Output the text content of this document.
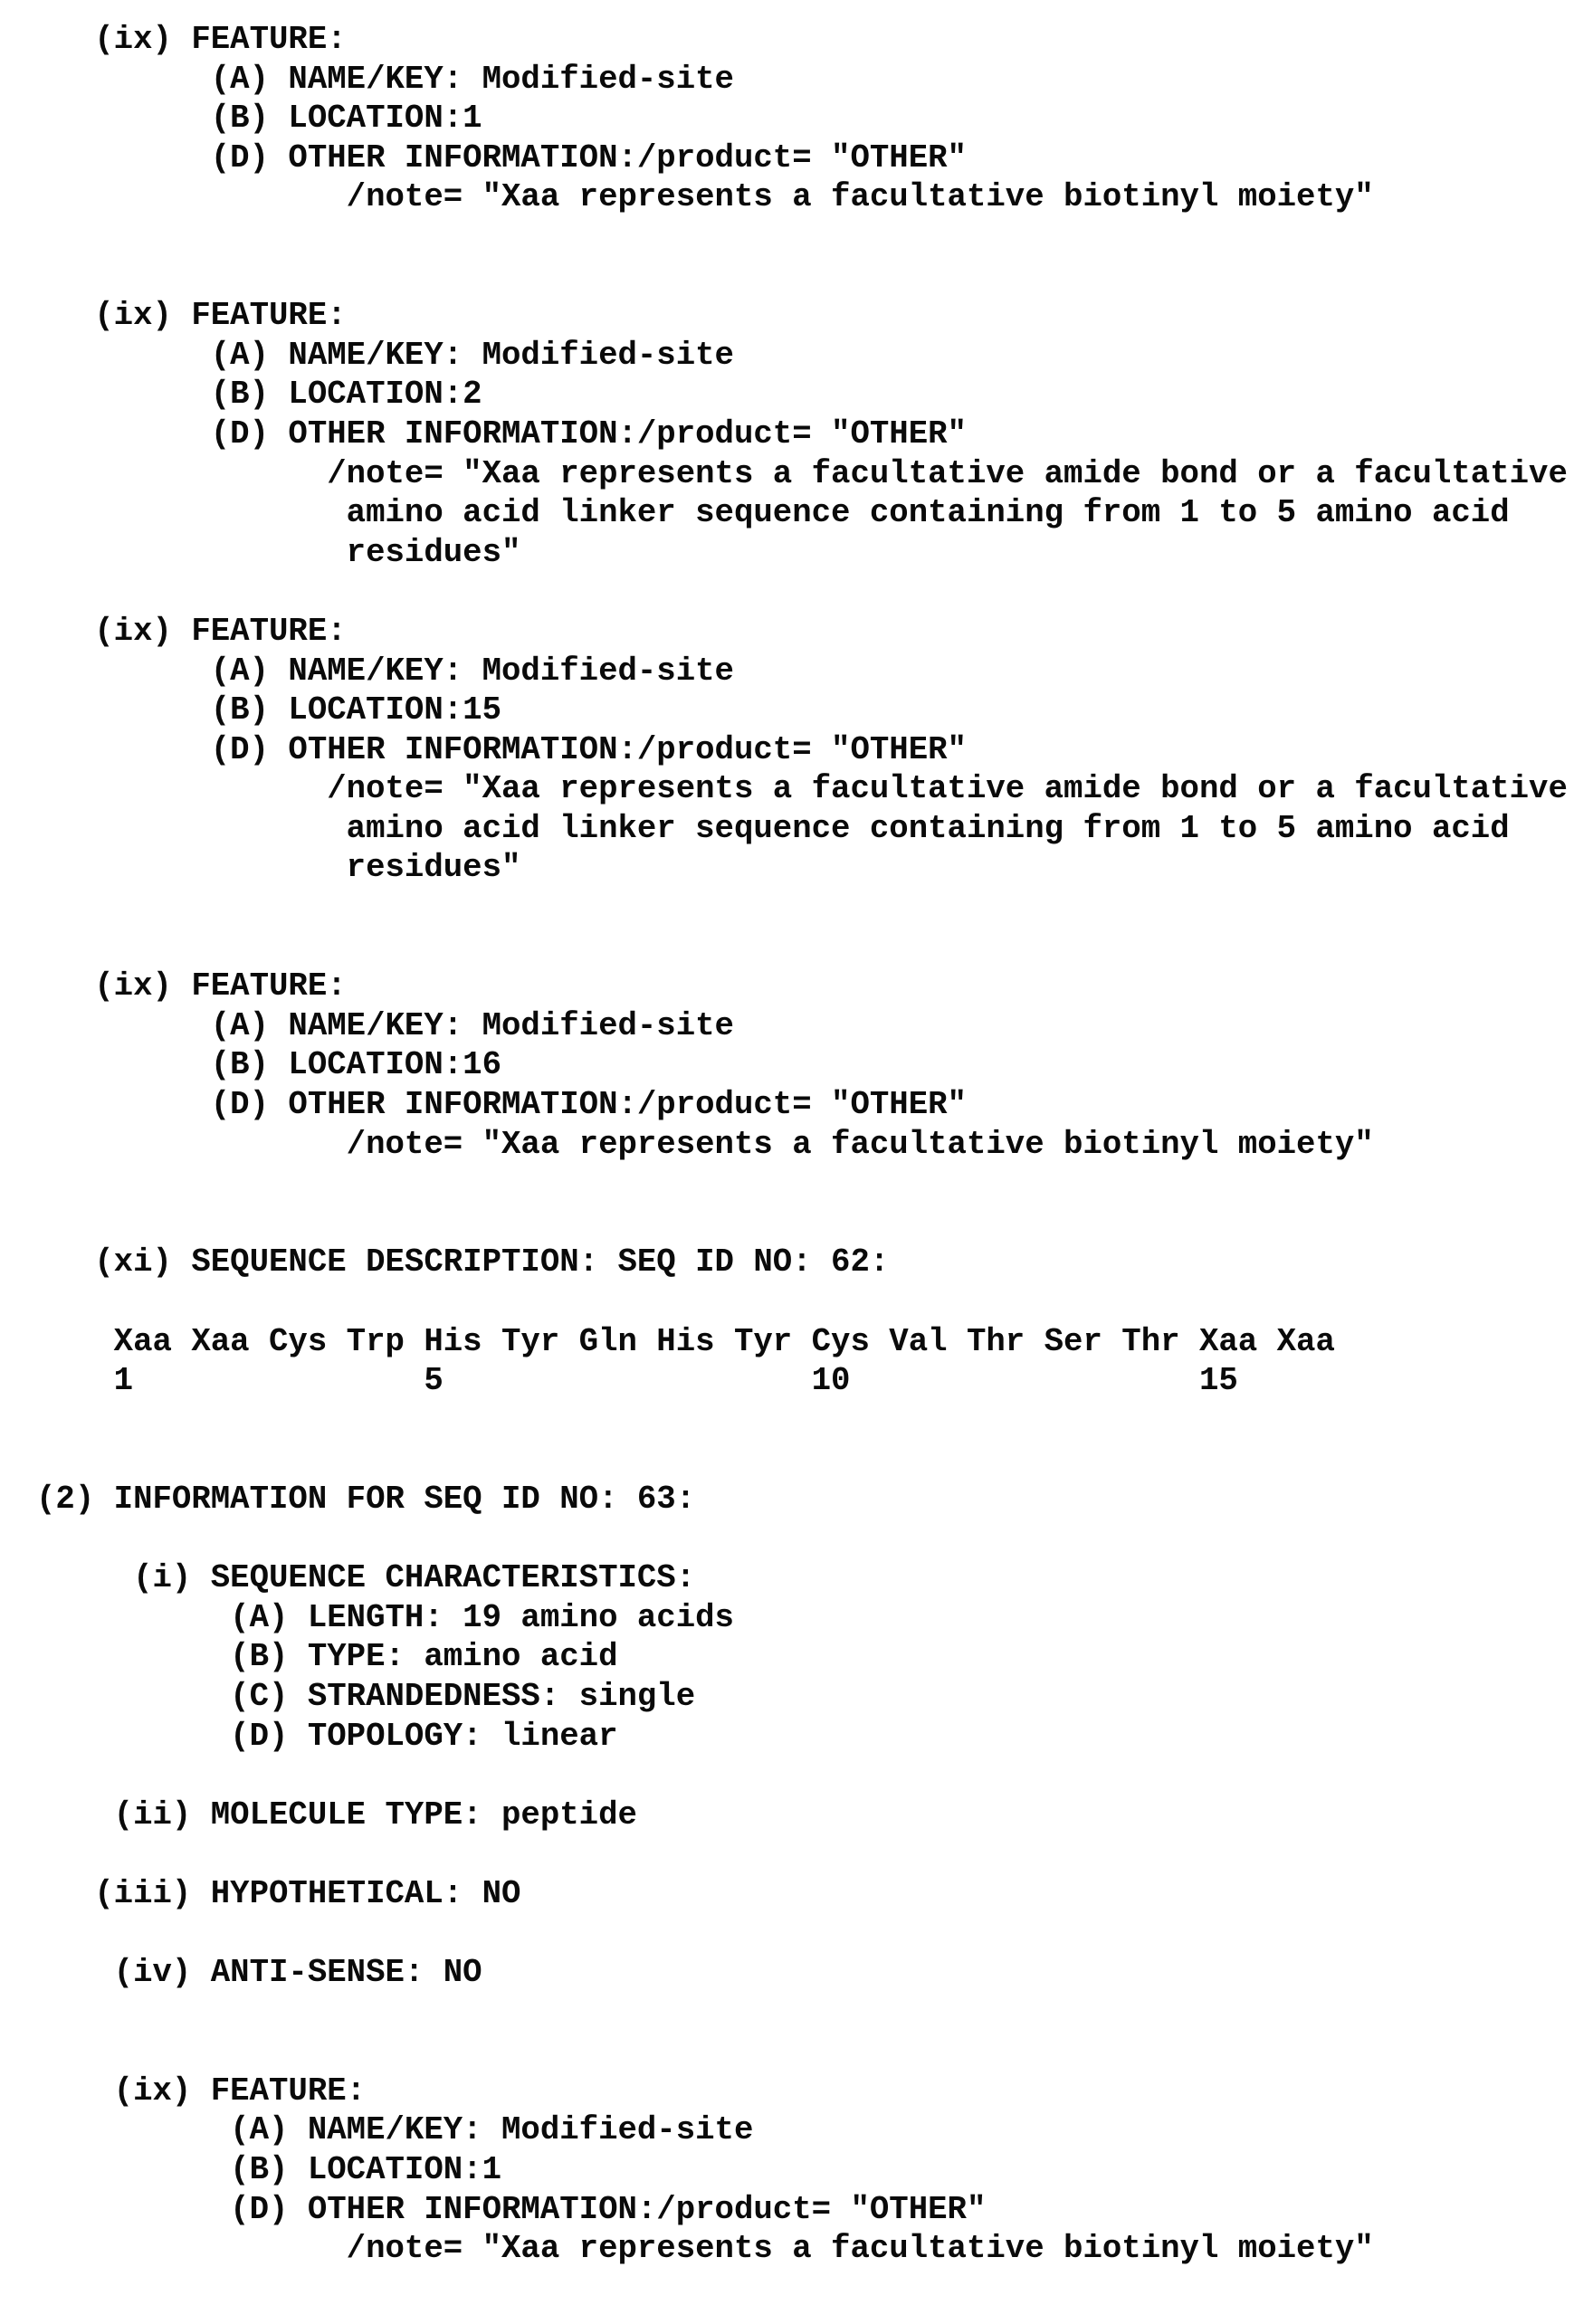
(ix) FEATURE:
(A) NAME/KEY: Modified-site
(B) LOCATION:1
(D) OTHER INFORMATION:/product= "OTHER"
/note= "Xaa represents a facultative biotinyl moiety"
(ix) FEATURE:
(A) NAME/KEY: Modified-site
(B) LOCATION:2
(D) OTHER INFORMATION:/product= "OTHER"
/note= "Xaa represents a facultative amide bond or a facultative
amino acid linker sequence containing from 1 to 5 amino acid
residues"
(ix) FEATURE:
(A) NAME/KEY: Modified-site
(B) LOCATION:15
(D) OTHER INFORMATION:/product= "OTHER"
/note= "Xaa represents a facultative amide bond or a facultative
amino acid linker sequence containing from 1 to 5 amino acid
residues"
(ix) FEATURE:
(A) NAME/KEY: Modified-site
(B) LOCATION:16
(D) OTHER INFORMATION:/product= "OTHER"
/note= "Xaa represents a facultative biotinyl moiety"
(xi) SEQUENCE DESCRIPTION: SEQ ID NO: 62:
Xaa Xaa Cys Trp His Tyr Gln His Tyr Cys Val Thr Ser Thr Xaa Xaa
1               5                   10                  15
(2) INFORMATION FOR SEQ ID NO: 63:
(i) SEQUENCE CHARACTERISTICS:
(A) LENGTH: 19 amino acids
(B) TYPE: amino acid
(C) STRANDEDNESS: single
(D) TOPOLOGY: linear
(ii) MOLECULE TYPE: peptide
(iii) HYPOTHETICAL: NO
(iv) ANTI-SENSE: NO
(ix) FEATURE:
(A) NAME/KEY: Modified-site
(B) LOCATION:1
(D) OTHER INFORMATION:/product= "OTHER"
/note= "Xaa represents a facultative biotinyl moiety"
